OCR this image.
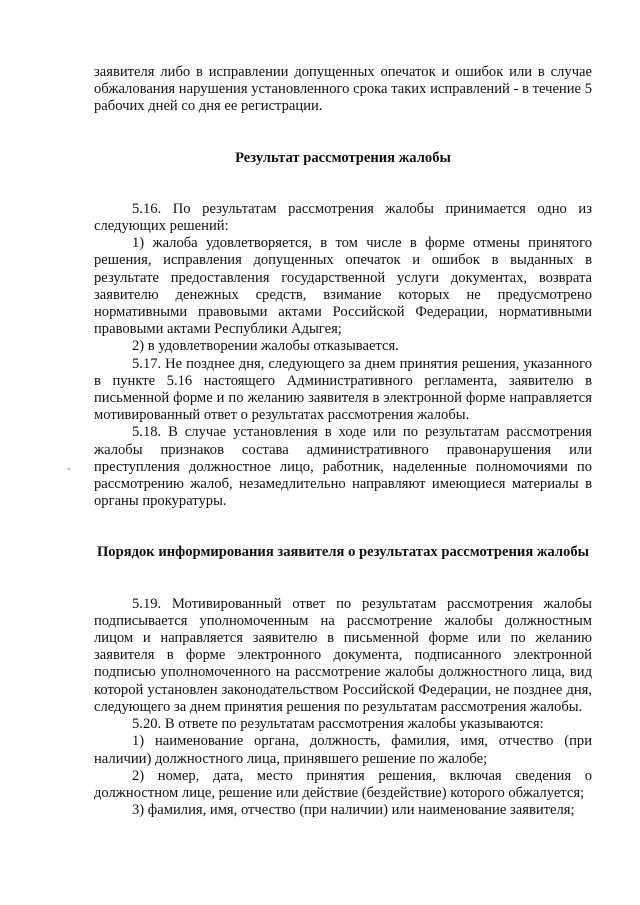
заявителя либо в исправлении допущенных опечаток и ошибок или в случае обжалования нарушения установленного срока таких исправлений - в течение 5 рабочих дней со дня ее регистрации.

Результат рассмотрения жалобы

5.16. По результатам рассмотрения жалобы принимается одно из следующих решений:

1) жалоба удовлетворяется, в том числе в форме отмены принятого решения, исправления допущенных опечаток и ошибок в выданных в результате предоставления государственной услуги документах, возврата заявителю денежных средств, взимание которых не предусмотрено нормативными правовыми актами Российской Федерации, нормативными правовыми актами Республики Адыгея;

2) в удовлетворении жалобы отказывается.

5.17. Не позднее дня, следующего за днем принятия решения, указанного в пункте 5.16 настоящего Административного регламента, заявителю в письменной форме и по желанию заявителя в электронной форме направляется мотивированный ответ о результатах рассмотрения жалобы.

5.18. В случае установления в ходе или по результатам рассмотрения жалобы признаков состава административного правонарушения или преступления должностное лицо, работник, наделенные полномочиями по рассмотрению жалоб, незамедлительно направляют имеющиеся материалы в органы прокуратуры.

Порядок информирования заявителя о результатах рассмотрения жалобы

5.19. Мотивированный ответ по результатам рассмотрения жалобы подписывается уполномоченным на рассмотрение жалобы должностным лицом и направляется заявителю в письменной форме или по желанию заявителя в форме электронного документа, подписанного электронной подписью уполномоченного на рассмотрение жалобы должностного лица, вид которой установлен законодательством Российской Федерации, не позднее дня, следующего за днем принятия решения по результатам рассмотрения жалобы.

5.20. В ответе по результатам рассмотрения жалобы указываются:

1) наименование органа, должность, фамилия, имя, отчество (при наличии) должностного лица, принявшего решение по жалобе;

2) номер, дата, место принятия решения, включая сведения о должностном лице, решение или действие (бездействие) которого обжалуется;

3) фамилия, имя, отчество (при наличии) или наименование заявителя;
